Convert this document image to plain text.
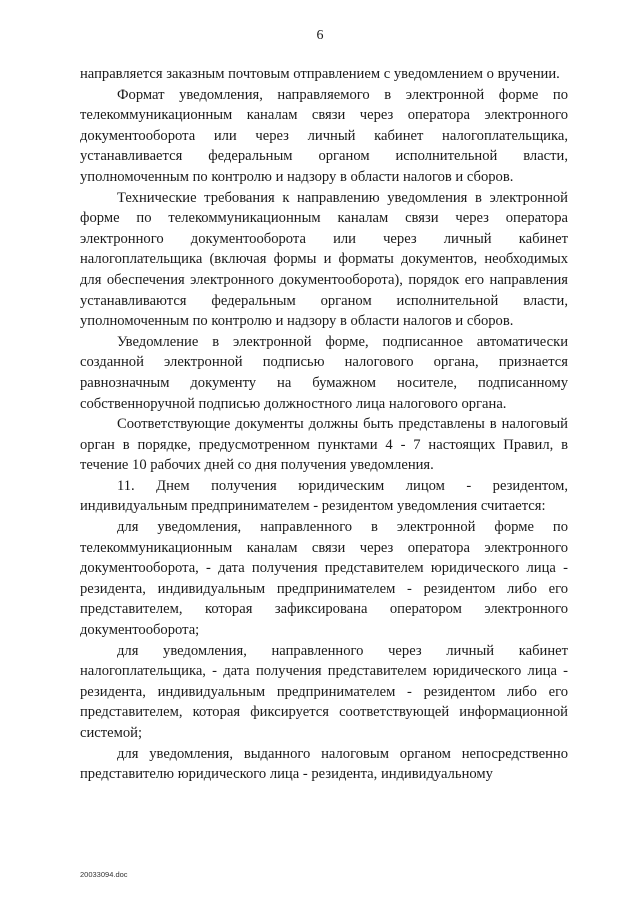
6

направляется заказным почтовым отправлением с уведомлением о вручении.

Формат уведомления, направляемого в электронной форме по телекоммуникационным каналам связи через оператора электронного документооборота или через личный кабинет налогоплательщика, устанавливается федеральным органом исполнительной власти, уполномоченным по контролю и надзору в области налогов и сборов.

Технические требования к направлению уведомления в электронной форме по телекоммуникационным каналам связи через оператора электронного документооборота или через личный кабинет налогоплательщика (включая формы и форматы документов, необходимых для обеспечения электронного документооборота), порядок его направления устанавливаются федеральным органом исполнительной власти, уполномоченным по контролю и надзору в области налогов и сборов.

Уведомление в электронной форме, подписанное автоматически созданной электронной подписью налогового органа, признается равнозначным документу на бумажном носителе, подписанному собственноручной подписью должностного лица налогового органа.

Соответствующие документы должны быть представлены в налоговый орган в порядке, предусмотренном пунктами 4 - 7 настоящих Правил, в течение 10 рабочих дней со дня получения уведомления.

11. Днем получения юридическим лицом - резидентом, индивидуальным предпринимателем - резидентом уведомления считается:

для уведомления, направленного в электронной форме по телекоммуникационным каналам связи через оператора электронного документооборота, - дата получения представителем юридического лица - резидента, индивидуальным предпринимателем - резидентом либо его представителем, которая зафиксирована оператором электронного документооборота;

для уведомления, направленного через личный кабинет налогоплательщика, - дата получения представителем юридического лица - резидента, индивидуальным предпринимателем - резидентом либо его представителем, которая фиксируется соответствующей информационной системой;

для уведомления, выданного налоговым органом непосредственно представителю юридического лица - резидента, индивидуальному

20033094.doc
